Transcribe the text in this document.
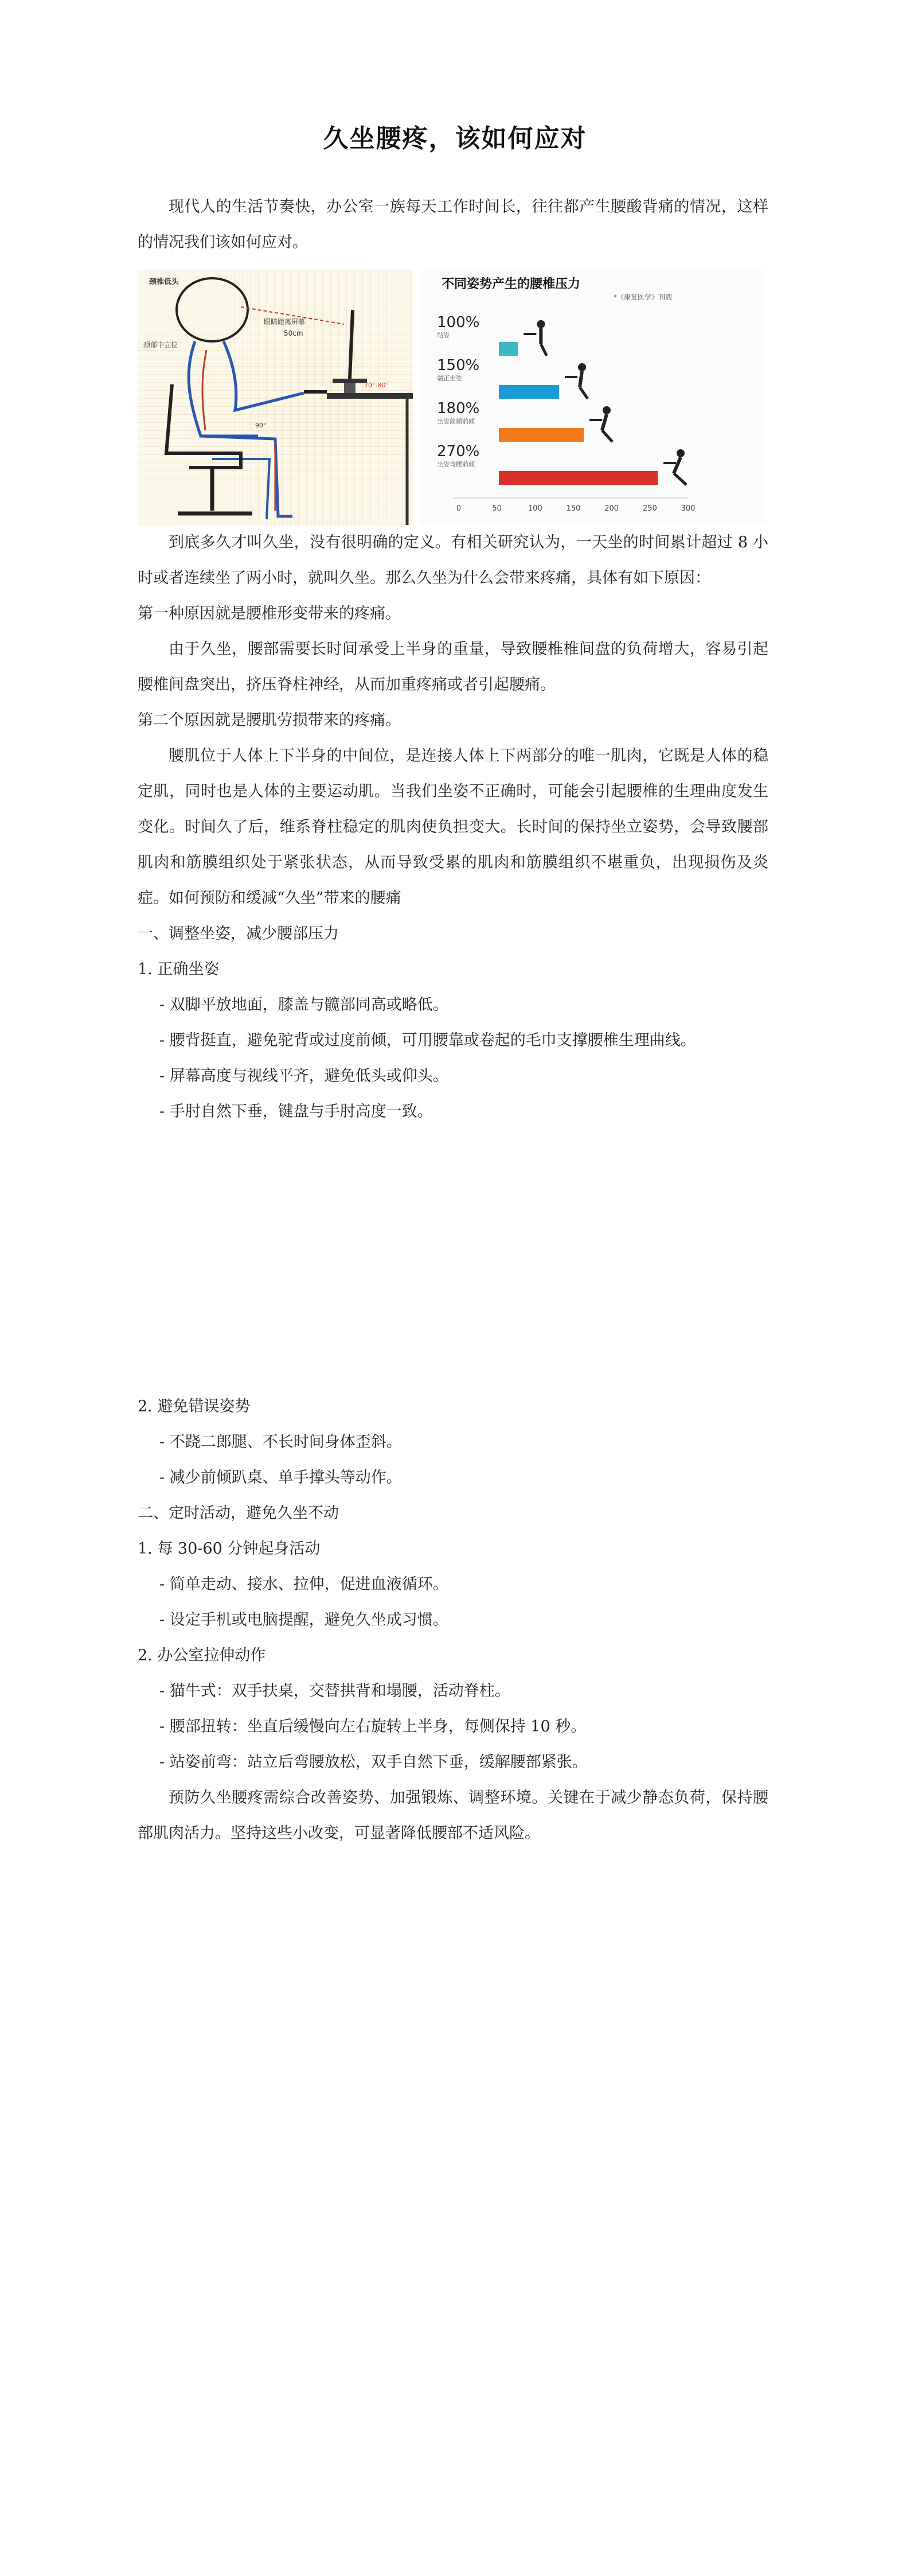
久坐腰疼，该如何应对
现代人的生活节奏快，办公室一族每天工作时间长，往往都产生腰酸背痛的情况，这样的情况我们该如何应对。
颈椎低头
眼睛距离屏幕
50cm
颈部中立位
70°-80°
90°
不同姿势产生的腰椎压力
*《康复医学》刊载
100%
站姿
150%
端正坐姿
180%
坐姿前倾前倾
270%
坐姿弯腰前倾
0	50	100	150	200	250	300
到底多久才叫久坐，没有很明确的定义。有相关研究认为，一天坐的时间累计超过 8 小时或者连续坐了两小时，就叫久坐。那么久坐为什么会带来疼痛，具体有如下原因：
第一种原因就是腰椎形变带来的疼痛。
由于久坐，腰部需要长时间承受上半身的重量，导致腰椎椎间盘的负荷增大，容易引起腰椎间盘突出，挤压脊柱神经，从而加重疼痛或者引起腰痛。
第二个原因就是腰肌劳损带来的疼痛。
腰肌位于人体上下半身的中间位，是连接人体上下两部分的唯一肌肉，它既是人体的稳定肌，同时也是人体的主要运动肌。当我们坐姿不正确时，可能会引起腰椎的生理曲度发生变化。时间久了后，维系脊柱稳定的肌肉使负担变大。长时间的保持坐立姿势，会导致腰部肌肉和筋膜组织处于紧张状态，从而导致受累的肌肉和筋膜组织不堪重负，出现损伤及炎症。 如何预防和缓减“久坐”带来的腰痛
一、调整坐姿，减少腰部压力
1. 正确坐姿
- 双脚平放地面，膝盖与髋部同高或略低。
- 腰背挺直，避免驼背或过度前倾，可用腰靠或卷起的毛巾支撑腰椎生理曲线。
- 屏幕高度与视线平齐，避免低头或仰头。
- 手肘自然下垂，键盘与手肘高度一致。
2. 避免错误姿势
- 不跷二郎腿、不长时间身体歪斜。
- 减少前倾趴桌、单手撑头等动作。
二、定时活动，避免久坐不动
1. 每 30-60 分钟起身活动
- 简单走动、接水、拉伸，促进血液循环。
- 设定手机或电脑提醒，避免久坐成习惯。
2. 办公室拉伸动作
- 猫牛式：双手扶桌，交替拱背和塌腰，活动脊柱。
- 腰部扭转：坐直后缓慢向左右旋转上半身，每侧保持 10 秒。
- 站姿前弯：站立后弯腰放松，双手自然下垂，缓解腰部紧张。
预防久坐腰疼需综合改善姿势、加强锻炼、调整环境。关键在于减少静态负荷，保持腰部肌肉活力。坚持这些小改变，可显著降低腰部不适风险。
